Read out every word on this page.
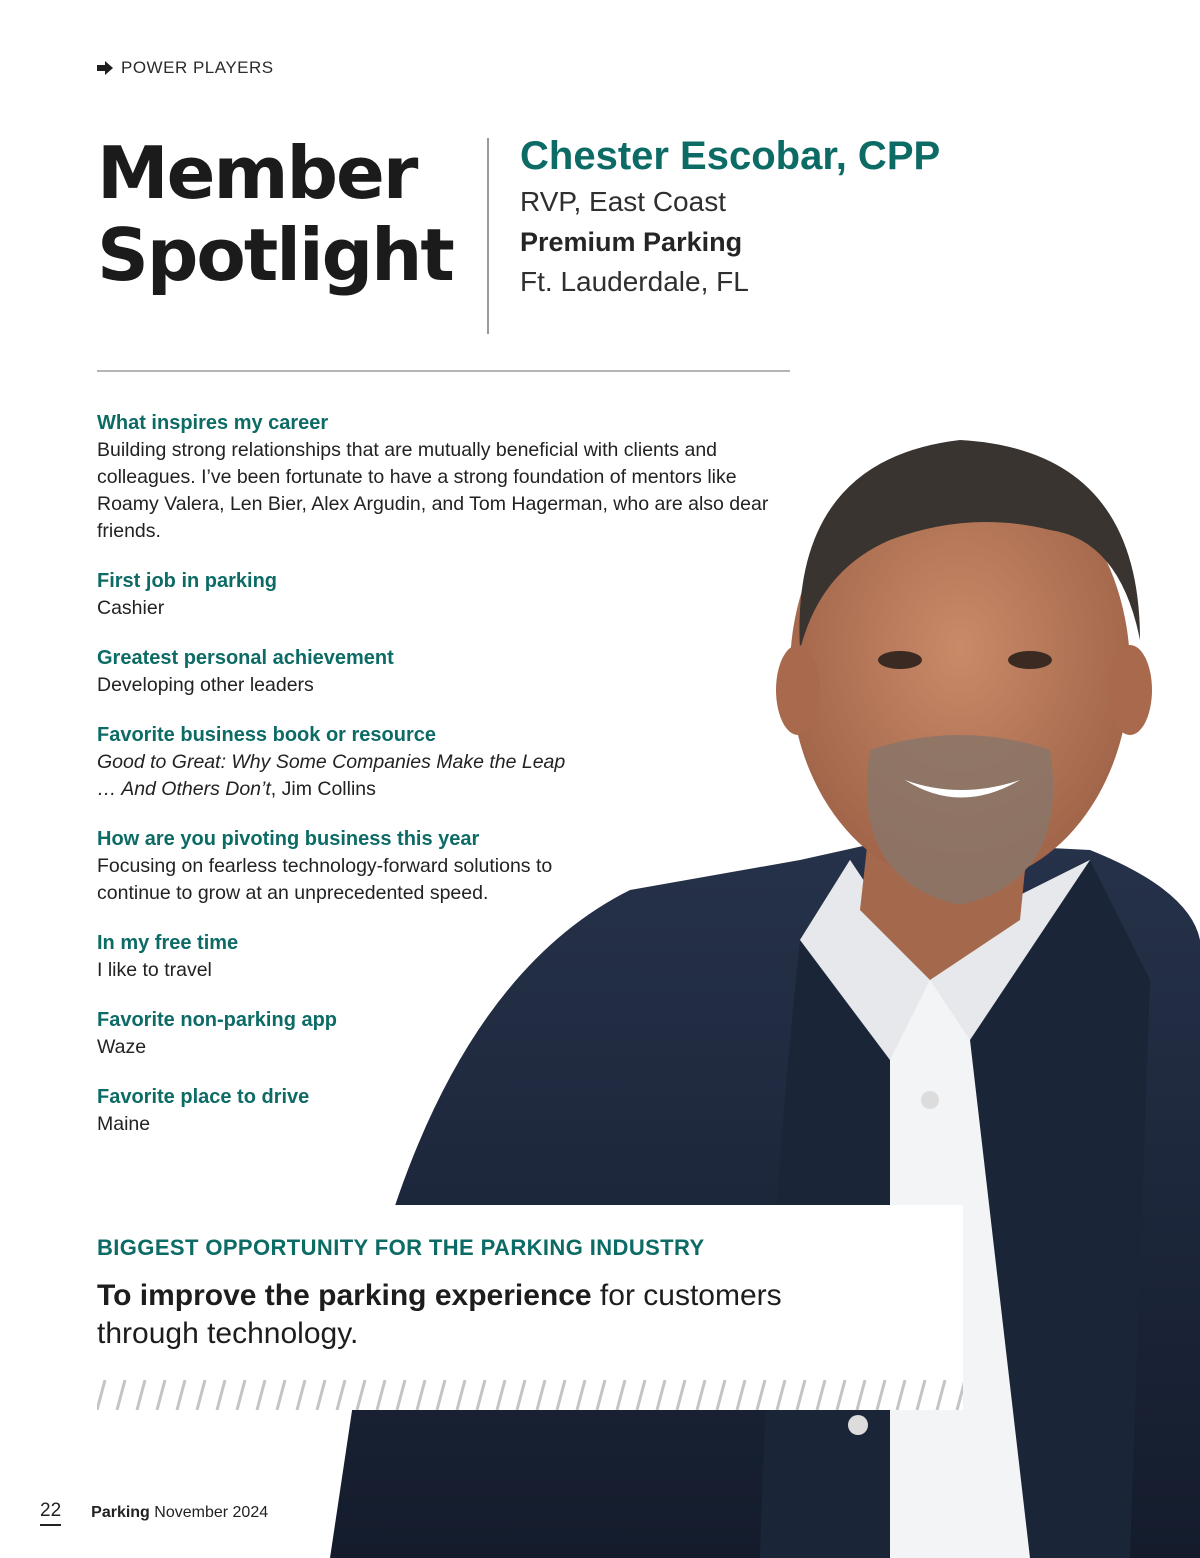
POWER PLAYERS
Member
Spotlight
Chester Escobar, CPP
RVP, East Coast
Premium Parking
Ft. Lauderdale, FL
What inspires my career
Building strong relationships that are mutually beneficial with clients and colleagues. I’ve been fortunate to have a strong foundation of mentors like Roamy Valera, Len Bier, Alex Argudin, and Tom Hagerman, who are also dear friends.
First job in parking
Cashier
Greatest personal achievement
Developing other leaders
Favorite business book or resource
Good to Great: Why Some Companies Make the Leap … And Others Don’t, Jim Collins
How are you pivoting business this year
Focusing on fearless technology-forward solutions to continue to grow at an unprecedented speed.
In my free time
I like to travel
Favorite non-parking app
Waze
Favorite place to drive
Maine
BIGGEST OPPORTUNITY FOR THE PARKING INDUSTRY
To improve the parking experience for customers through technology.
22 Parking November 2024
